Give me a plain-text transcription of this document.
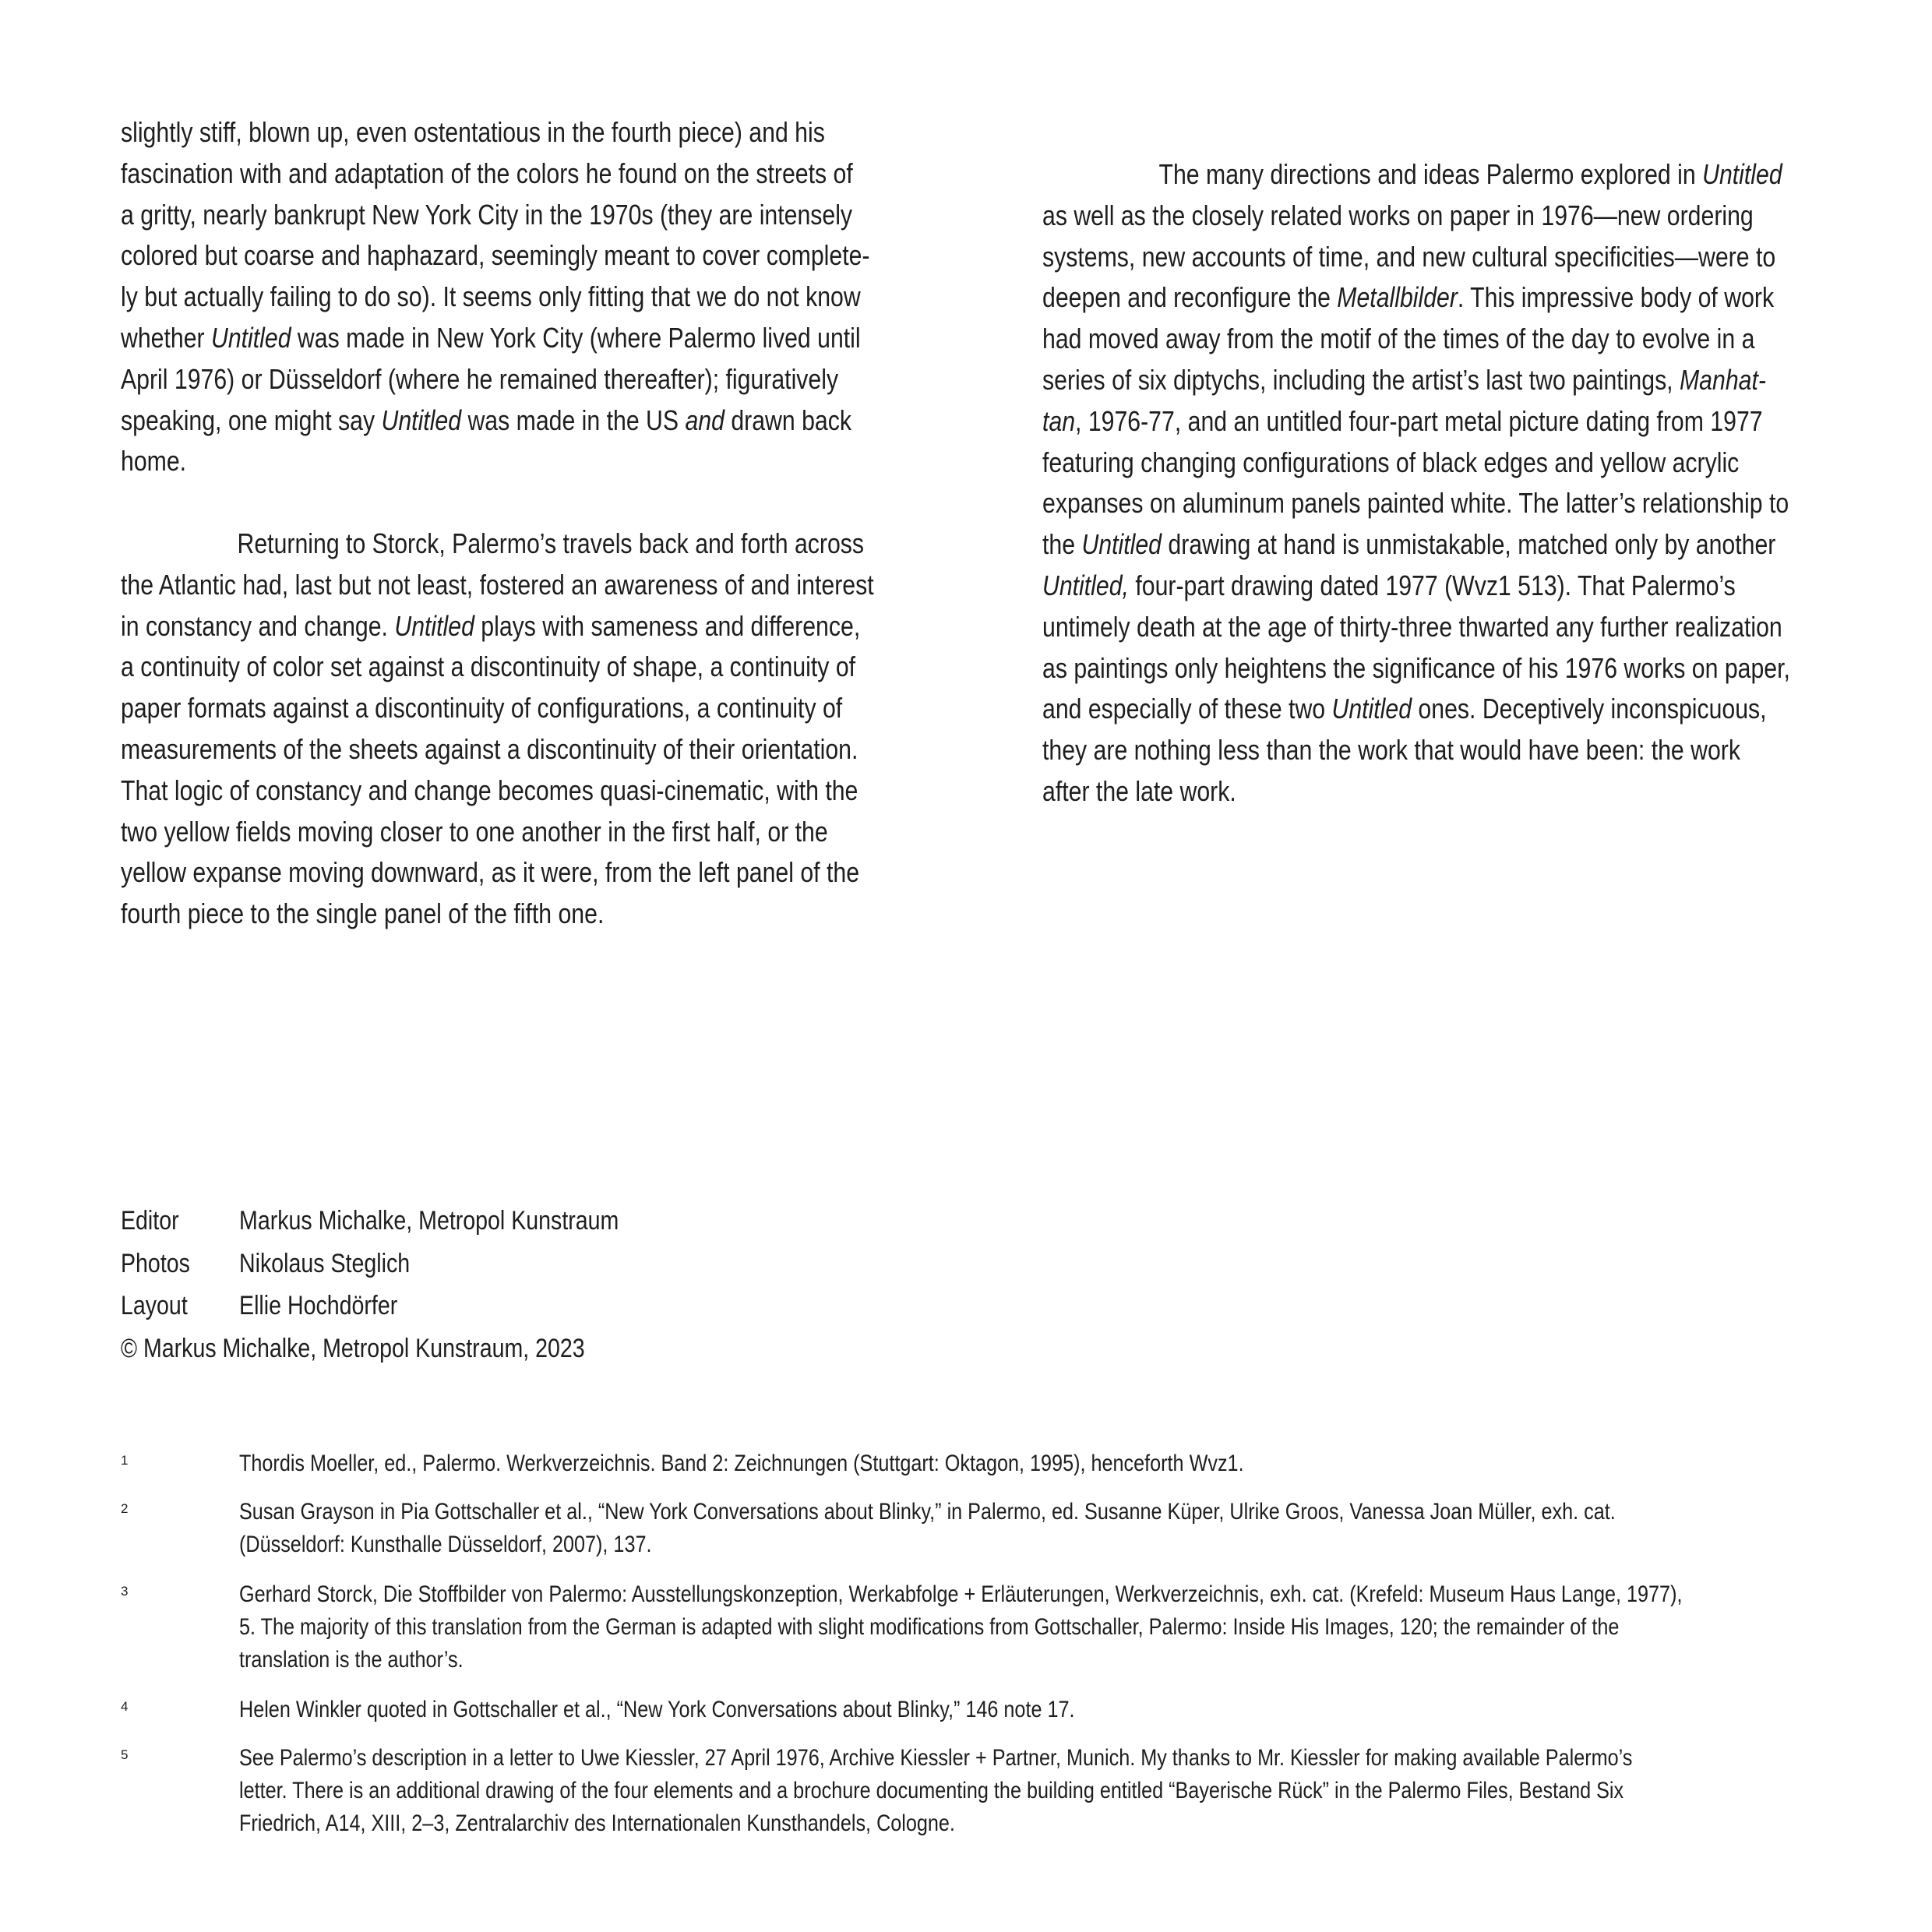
slightly stiff, blown up, even ostentatious in the fourth piece) and his
fascination with and adaptation of the colors he found on the streets of
a gritty, nearly bankrupt New York City in the 1970s (they are intensely
colored but coarse and haphazard, seemingly meant to cover complete-
ly but actually failing to do so). It seems only fitting that we do not know
whether Untitled was made in New York City (where Palermo lived until
April 1976) or Düsseldorf (where he remained thereafter); figuratively
speaking, one might say Untitled was made in the US and drawn back
home.
Returning to Storck, Palermo’s travels back and forth across
the Atlantic had, last but not least, fostered an awareness of and interest
in constancy and change. Untitled plays with sameness and difference,
a continuity of color set against a discontinuity of shape, a continuity of
paper formats against a discontinuity of configurations, a continuity of
measurements of the sheets against a discontinuity of their orientation.
That logic of constancy and change becomes quasi-cinematic, with the
two yellow fields moving closer to one another in the first half, or the
yellow expanse moving downward, as it were, from the left panel of the
fourth piece to the single panel of the fifth one.
The many directions and ideas Palermo explored in Untitled
as well as the closely related works on paper in 1976—new ordering
systems, new accounts of time, and new cultural specificities—were to
deepen and reconfigure the Metallbilder. This impressive body of work
had moved away from the motif of the times of the day to evolve in a
series of six diptychs, including the artist’s last two paintings, Manhat-
tan, 1976-77, and an untitled four-part metal picture dating from 1977
featuring changing configurations of black edges and yellow acrylic
expanses on aluminum panels painted white. The latter’s relationship to
the Untitled drawing at hand is unmistakable, matched only by another
Untitled, four-part drawing dated 1977 (Wvz1 513). That Palermo’s
untimely death at the age of thirty-three thwarted any further realization
as paintings only heightens the significance of his 1976 works on paper,
and especially of these two Untitled ones. Deceptively inconspicuous,
they are nothing less than the work that would have been: the work
after the late work.
Editor Markus Michalke, Metropol Kunstraum
Photos Nikolaus Steglich
Layout Ellie Hochdörfer
© Markus Michalke, Metropol Kunstraum, 2023
1	Thordis Moeller, ed., Palermo. Werkverzeichnis. Band 2: Zeichnungen (Stuttgart: Oktagon, 1995), henceforth Wvz1.
2	Susan Grayson in Pia Gottschaller et al., “New York Conversations about Blinky,” in Palermo, ed. Susanne Küper, Ulrike Groos, Vanessa Joan Müller, exh. cat.
(Düsseldorf: Kunsthalle Düsseldorf, 2007), 137.
3	Gerhard Storck, Die Stoffbilder von Palermo: Ausstellungskonzeption, Werkabfolge + Erläuterungen, Werkverzeichnis, exh. cat. (Krefeld: Museum Haus Lange, 1977),
5. The majority of this translation from the German is adapted with slight modifications from Gottschaller, Palermo: Inside His Images, 120; the remainder of the
translation is the author’s.
4	Helen Winkler quoted in Gottschaller et al., “New York Conversations about Blinky,” 146 note 17.
5	See Palermo’s description in a letter to Uwe Kiessler, 27 April 1976, Archive Kiessler + Partner, Munich. My thanks to Mr. Kiessler for making available Palermo’s
letter. There is an additional drawing of the four elements and a brochure documenting the building entitled “Bayerische Rück” in the Palermo Files, Bestand Six
Friedrich, A14, XIII, 2–3, Zentralarchiv des Internationalen Kunsthandels, Cologne.
